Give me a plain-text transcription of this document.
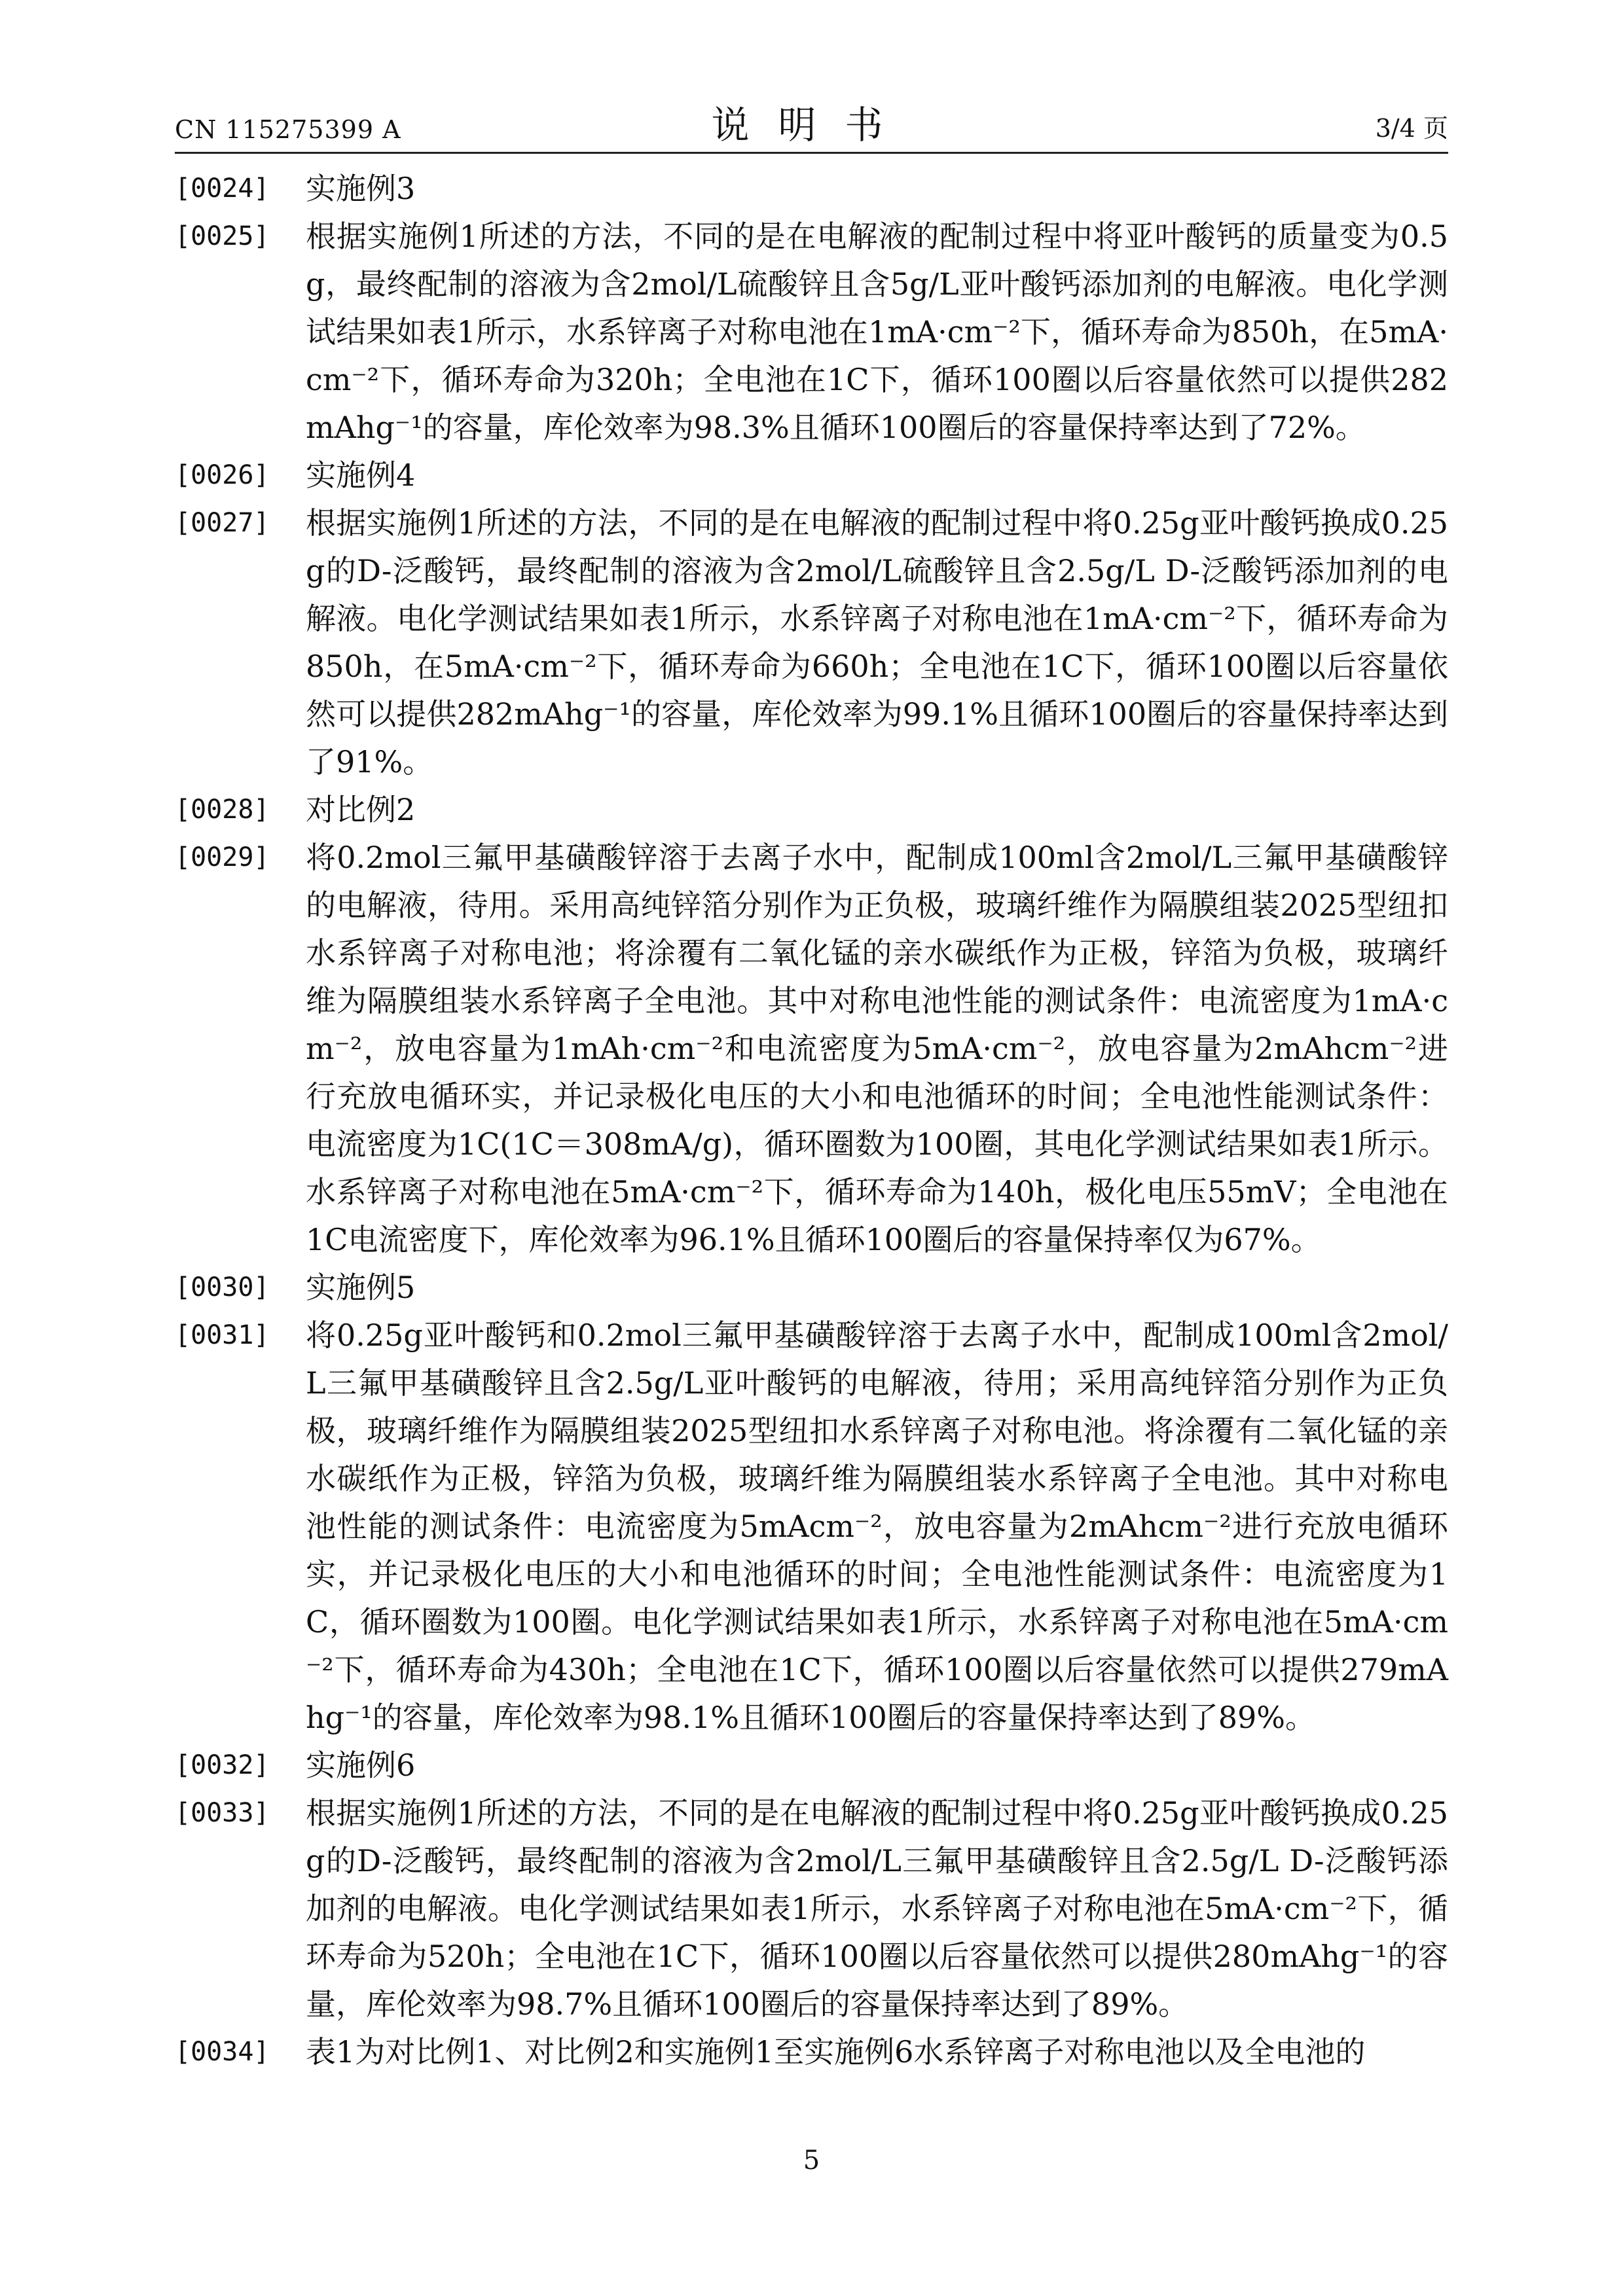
CN 115275399 A	说明书	3/4 页
[0024]	实施例3
[0025]	根据实施例1所述的方法，不同的是在电解液的配制过程中将亚叶酸钙的质量变为0.5g，最终配制的溶液为含2mol/L硫酸锌且含5g/L亚叶酸钙添加剂的电解液。电化学测试结果如表1所示，水系锌离子对称电池在1mA·cm⁻²下，循环寿命为850h，在5mA·cm⁻²下，循环寿命为320h；全电池在1C下，循环100圈以后容量依然可以提供282mAhg⁻¹的容量，库伦效率为98.3%且循环100圈后的容量保持率达到了72%。
[0026]	实施例4
[0027]	根据实施例1所述的方法，不同的是在电解液的配制过程中将0.25g亚叶酸钙换成0.25g的D-泛酸钙，最终配制的溶液为含2mol/L硫酸锌且含2.5g/L D-泛酸钙添加剂的电解液。电化学测试结果如表1所示，水系锌离子对称电池在1mA·cm⁻²下，循环寿命为850h，在5mA·cm⁻²下，循环寿命为660h；全电池在1C下，循环100圈以后容量依然可以提供282mAhg⁻¹的容量，库伦效率为99.1%且循环100圈后的容量保持率达到了91%。
[0028]	对比例2
[0029]	将0.2mol三氟甲基磺酸锌溶于去离子水中，配制成100ml含2mol/L三氟甲基磺酸锌的电解液，待用。采用高纯锌箔分别作为正负极，玻璃纤维作为隔膜组装2025型纽扣水系锌离子对称电池；将涂覆有二氧化锰的亲水碳纸作为正极，锌箔为负极，玻璃纤维为隔膜组装水系锌离子全电池。其中对称电池性能的测试条件：电流密度为1mA·cm⁻²，放电容量为1mAh·cm⁻²和电流密度为5mA·cm⁻²，放电容量为2mAhcm⁻²进行充放电循环实，并记录极化电压的大小和电池循环的时间；全电池性能测试条件：电流密度为1C(1C＝308mA/g)，循环圈数为100圈，其电化学测试结果如表1所示。水系锌离子对称电池在5mA·cm⁻²下，循环寿命为140h，极化电压55mV；全电池在1C电流密度下，库伦效率为96.1%且循环100圈后的容量保持率仅为67%。
[0030]	实施例5
[0031]	将0.25g亚叶酸钙和0.2mol三氟甲基磺酸锌溶于去离子水中，配制成100ml含2mol/L三氟甲基磺酸锌且含2.5g/L亚叶酸钙的电解液，待用；采用高纯锌箔分别作为正负极，玻璃纤维作为隔膜组装2025型纽扣水系锌离子对称电池。将涂覆有二氧化锰的亲水碳纸作为正极，锌箔为负极，玻璃纤维为隔膜组装水系锌离子全电池。其中对称电池性能的测试条件：电流密度为5mAcm⁻²，放电容量为2mAhcm⁻²进行充放电循环实，并记录极化电压的大小和电池循环的时间；全电池性能测试条件：电流密度为1C，循环圈数为100圈。电化学测试结果如表1所示，水系锌离子对称电池在5mA·cm⁻²下，循环寿命为430h；全电池在1C下，循环100圈以后容量依然可以提供279mAhg⁻¹的容量，库伦效率为98.1%且循环100圈后的容量保持率达到了89%。
[0032]	实施例6
[0033]	根据实施例1所述的方法，不同的是在电解液的配制过程中将0.25g亚叶酸钙换成0.25g的D-泛酸钙，最终配制的溶液为含2mol/L三氟甲基磺酸锌且含2.5g/L D-泛酸钙添加剂的电解液。电化学测试结果如表1所示，水系锌离子对称电池在5mA·cm⁻²下，循环寿命为520h；全电池在1C下，循环100圈以后容量依然可以提供280mAhg⁻¹的容量，库伦效率为98.7%且循环100圈后的容量保持率达到了89%。
[0034]	表1为对比例1、对比例2和实施例1至实施例6水系锌离子对称电池以及全电池的
5
